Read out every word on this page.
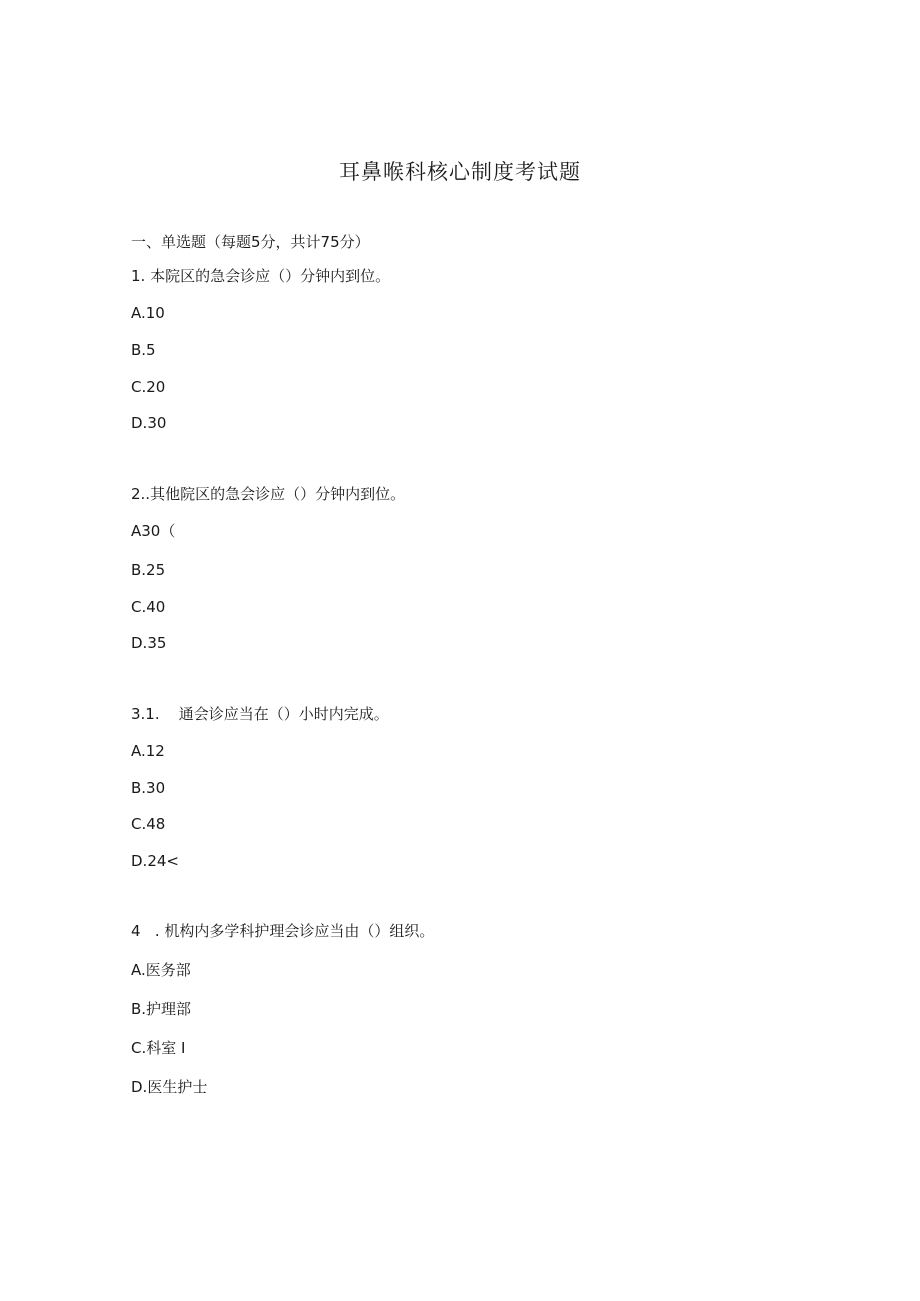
耳鼻喉科核心制度考试题
一、单选题（每题5分，共计75分）
1. 本院区的急会诊应（）分钟内到位。
A.10
B.5
C.20
D.30
2..其他院区的急会诊应（）分钟内到位。
A30（
B.25
C.40
D.35
3.1.    通会诊应当在（）小时内完成。
A.12
B.30
C.48
D.24<
4   . 机构内多学科护理会诊应当由（）组织。
A.医务部
B.护理部
C.科室 I
D.医生护士
